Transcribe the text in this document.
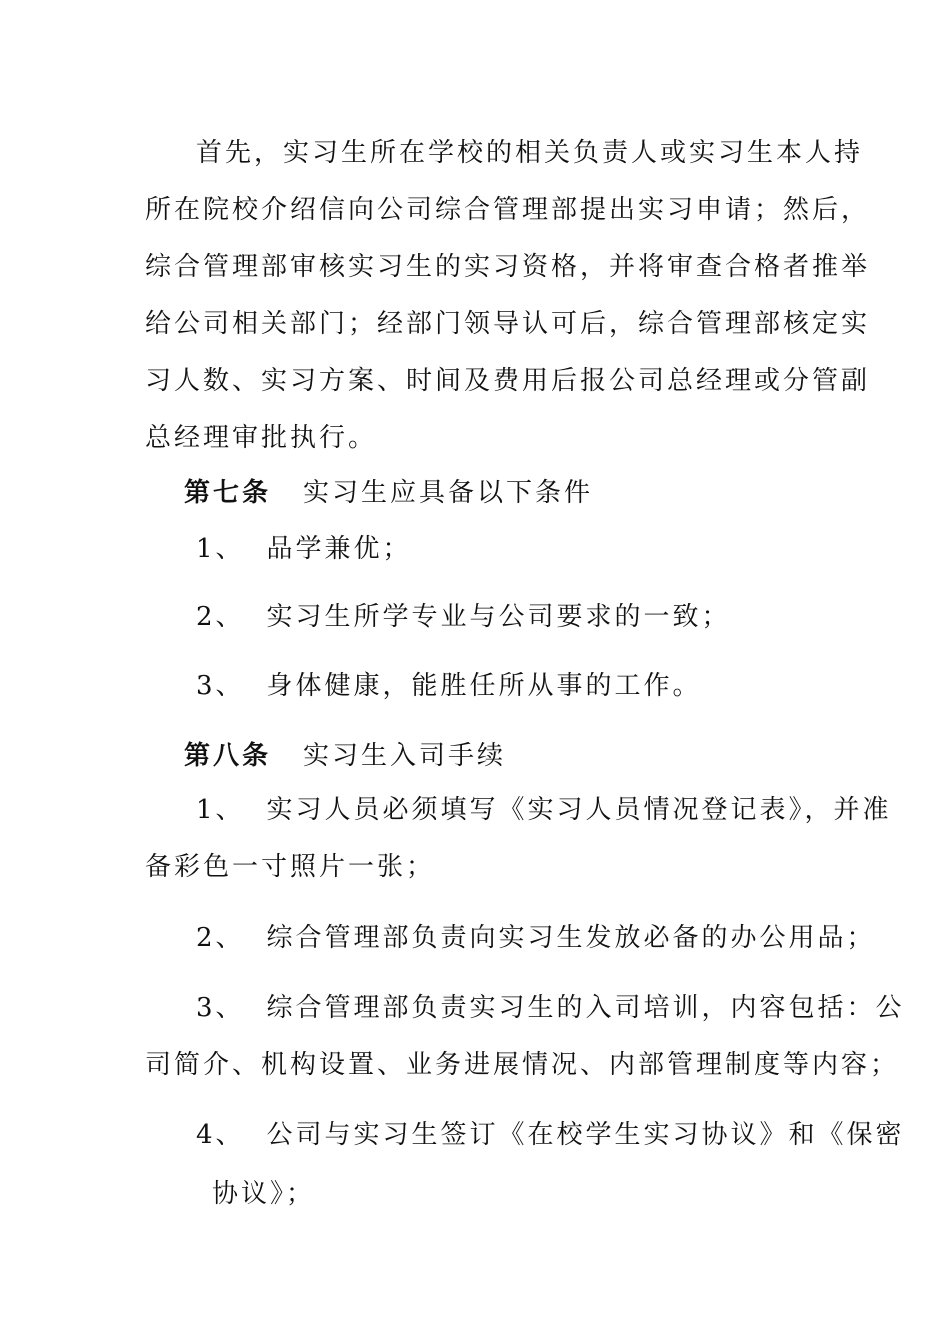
首先，实习生所在学校的相关负责人或实习生本人持
所在院校介绍信向公司综合管理部提出实习申请；然后，
综合管理部审核实习生的实习资格，并将审查合格者推举
给公司相关部门；经部门领导认可后，综合管理部核定实
习人数、实习方案、时间及费用后报公司总经理或分管副
总经理审批执行。
第七条 实习生应具备以下条件
1、 品学兼优；
2、 实习生所学专业与公司要求的一致；
3、 身体健康，能胜任所从事的工作。
第八条 实习生入司手续
1、 实习人员必须填写《实习人员情况登记表》，并准
备彩色一寸照片一张；
2、 综合管理部负责向实习生发放必备的办公用品；
3、 综合管理部负责实习生的入司培训，内容包括：公
司简介、机构设置、业务进展情况、内部管理制度等内容；
4、 公司与实习生签订《在校学生实习协议》和《保密
协议》；
